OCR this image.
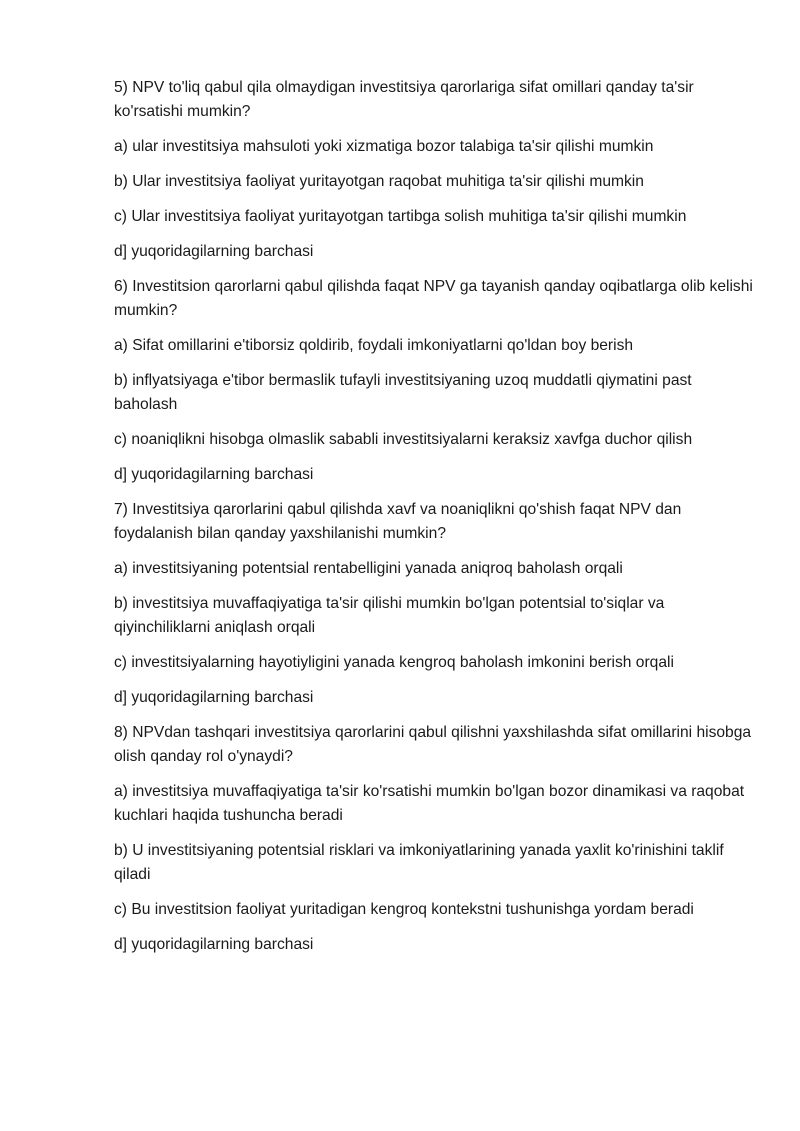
5) NPV to'liq qabul qila olmaydigan investitsiya qarorlariga sifat omillari qanday ta'sir ko'rsatishi mumkin?

a) ular investitsiya mahsuloti yoki xizmatiga bozor talabiga ta'sir qilishi mumkin

b) Ular investitsiya faoliyat yuritayotgan raqobat muhitiga ta'sir qilishi mumkin

c) Ular investitsiya faoliyat yuritayotgan tartibga solish muhitiga ta'sir qilishi mumkin

d] yuqoridagilarning barchasi

6) Investitsion qarorlarni qabul qilishda faqat NPV ga tayanish qanday oqibatlarga olib kelishi mumkin?

a) Sifat omillarini e'tiborsiz qoldirib, foydali imkoniyatlarni qo'ldan boy berish

b) inflyatsiyaga e'tibor bermaslik tufayli investitsiyaning uzoq muddatli qiymatini past baholash

c) noaniqlikni hisobga olmaslik sababli investitsiyalarni keraksiz xavfga duchor qilish

d] yuqoridagilarning barchasi

7) Investitsiya qarorlarini qabul qilishda xavf va noaniqlikni qo'shish faqat NPV dan foydalanish bilan qanday yaxshilanishi mumkin?

a) investitsiyaning potentsial rentabelligini yanada aniqroq baholash orqali

b) investitsiya muvaffaqiyatiga ta'sir qilishi mumkin bo'lgan potentsial to'siqlar va qiyinchiliklarni aniqlash orqali

c) investitsiyalarning hayotiyligini yanada kengroq baholash imkonini berish orqali

d] yuqoridagilarning barchasi

8) NPVdan tashqari investitsiya qarorlarini qabul qilishni yaxshilashda sifat omillarini hisobga olish qanday rol o'ynaydi?

a) investitsiya muvaffaqiyatiga ta'sir ko'rsatishi mumkin bo'lgan bozor dinamikasi va raqobat kuchlari haqida tushuncha beradi

b) U investitsiyaning potentsial risklari va imkoniyatlarining yanada yaxlit ko'rinishini taklif qiladi

c) Bu investitsion faoliyat yuritadigan kengroq kontekstni tushunishga yordam beradi

d] yuqoridagilarning barchasi
